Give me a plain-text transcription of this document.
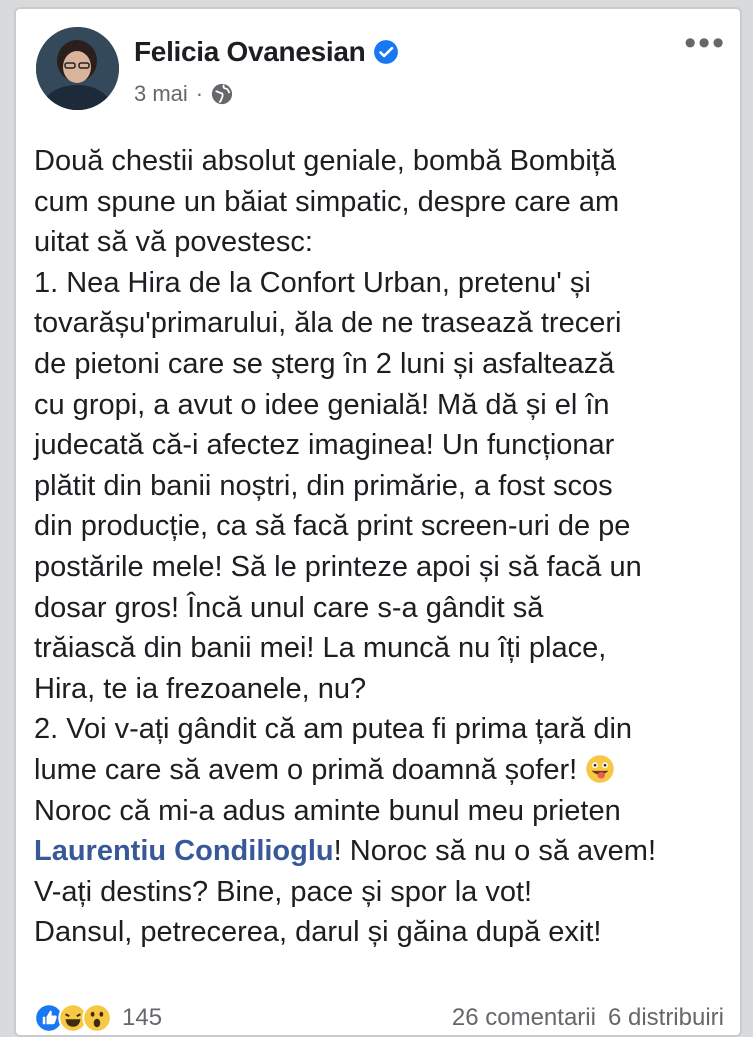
Felicia Ovanesian
3 mai ·
•••

Două chestii absolut geniale, bombă Bombiță

cum spune un băiat simpatic, despre care am

uitat să vă povestesc:

1. Nea Hira de la Confort Urban, pretenu' și

tovarășu'primarului, ăla de ne trasează treceri

de pietoni care se șterg în 2 luni și asfaltează

cu gropi, a avut o idee genială! Mă dă și el în

judecată că-i afectez imaginea! Un funcționar

plătit din banii noștri, din primărie, a fost scos

din producție, ca să facă print screen-uri de pe

postările mele! Să le printeze apoi și să facă un

dosar gros! Încă unul care s-a gândit să

trăiască din banii mei! La muncă nu îți place,

Hira, te ia frezoanele, nu?

2. Voi v-ați gândit că am putea fi prima țară din

lume care să avem o primă doamnă șofer!

Noroc că mi-a adus aminte bunul meu prieten

Laurentiu Condilioglu! Noroc să nu o să avem!

V-ați destins? Bine, pace și spor la vot!

Dansul, petrecerea, darul și găina după exit!

145	26 comentarii 6 distribuiri
